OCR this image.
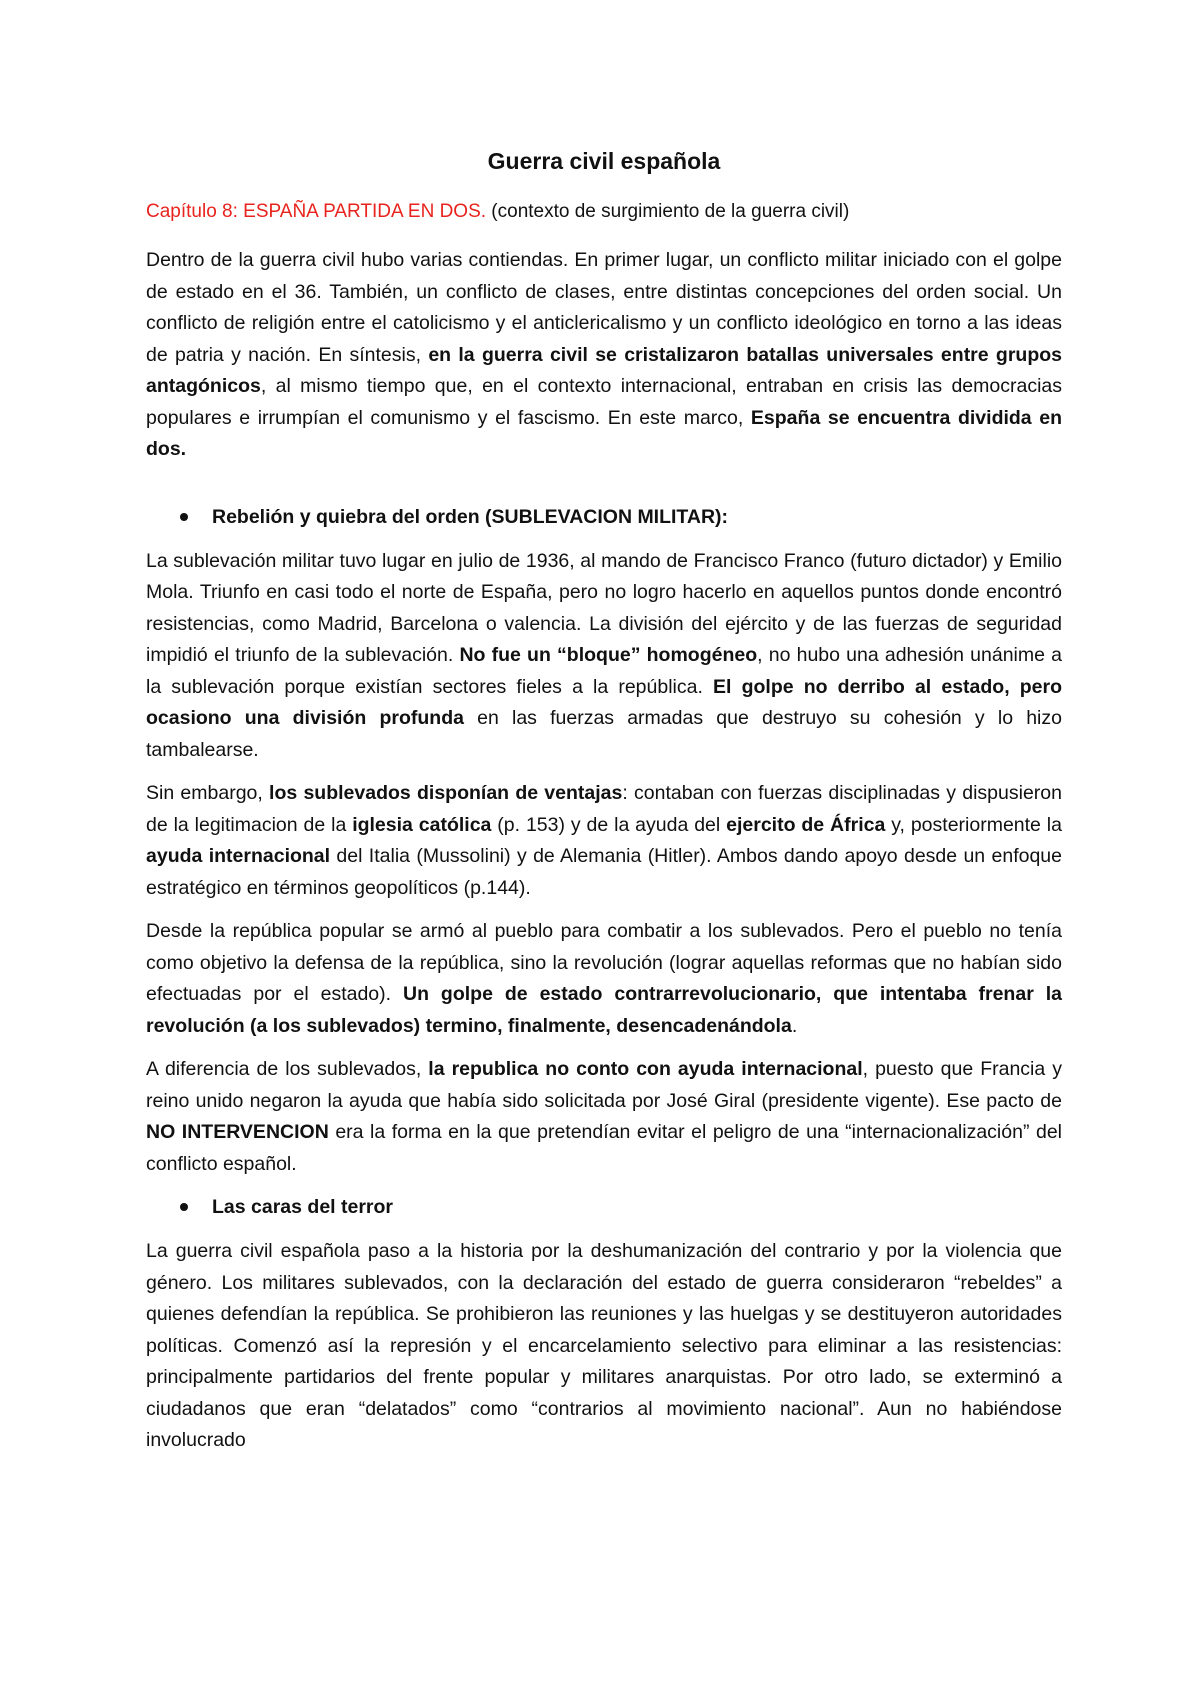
Guerra civil española
Capítulo 8: ESPAÑA PARTIDA EN DOS. (contexto de surgimiento de la guerra civil)

Dentro de la guerra civil hubo varias contiendas. En primer lugar, un conflicto militar iniciado con el golpe de estado en el 36. También, un conflicto de clases, entre distintas concepciones del orden social. Un conflicto de religión entre el catolicismo y el anticlericalismo y un conflicto ideológico en torno a las ideas de patria y nación. En síntesis, en la guerra civil se cristalizaron batallas universales entre grupos antagónicos, al mismo tiempo que, en el contexto internacional, entraban en crisis las democracias populares e irrumpían el comunismo y el fascismo. En este marco, España se encuentra dividida en dos.

Rebelión y quiebra del orden (SUBLEVACION MILITAR):

La sublevación militar tuvo lugar en julio de 1936, al mando de Francisco Franco (futuro dictador) y Emilio Mola. Triunfo en casi todo el norte de España, pero no logro hacerlo en aquellos puntos donde encontró resistencias, como Madrid, Barcelona o valencia. La división del ejército y de las fuerzas de seguridad impidió el triunfo de la sublevación. No fue un “bloque” homogéneo, no hubo una adhesión unánime a la sublevación porque existían sectores fieles a la república. El golpe no derribo al estado, pero ocasiono una división profunda en las fuerzas armadas que destruyo su cohesión y lo hizo tambalearse.

Sin embargo, los sublevados disponían de ventajas: contaban con fuerzas disciplinadas y dispusieron de la legitimacion de la iglesia católica (p. 153) y de la ayuda del ejercito de África y, posteriormente la ayuda internacional del Italia (Mussolini) y de Alemania (Hitler). Ambos dando apoyo desde un enfoque estratégico en términos geopolíticos (p.144).

Desde la república popular se armó al pueblo para combatir a los sublevados. Pero el pueblo no tenía como objetivo la defensa de la república, sino la revolución (lograr aquellas reformas que no habían sido efectuadas por el estado). Un golpe de estado contrarrevolucionario, que intentaba frenar la revolución (a los sublevados) termino, finalmente, desencadenándola.

A diferencia de los sublevados, la republica no conto con ayuda internacional, puesto que Francia y reino unido negaron la ayuda que había sido solicitada por José Giral (presidente vigente). Ese pacto de NO INTERVENCION era la forma en la que pretendían evitar el peligro de una “internacionalización” del conflicto español.

Las caras del terror

La guerra civil española paso a la historia por la deshumanización del contrario y por la violencia que género. Los militares sublevados, con la declaración del estado de guerra consideraron “rebeldes” a quienes defendían la república. Se prohibieron las reuniones y las huelgas y se destituyeron autoridades políticas. Comenzó así la represión y el encarcelamiento selectivo para eliminar a las resistencias: principalmente partidarios del frente popular y militares anarquistas. Por otro lado, se exterminó a ciudadanos que eran “delatados” como “contrarios al movimiento nacional”. Aun no habiéndose involucrado
